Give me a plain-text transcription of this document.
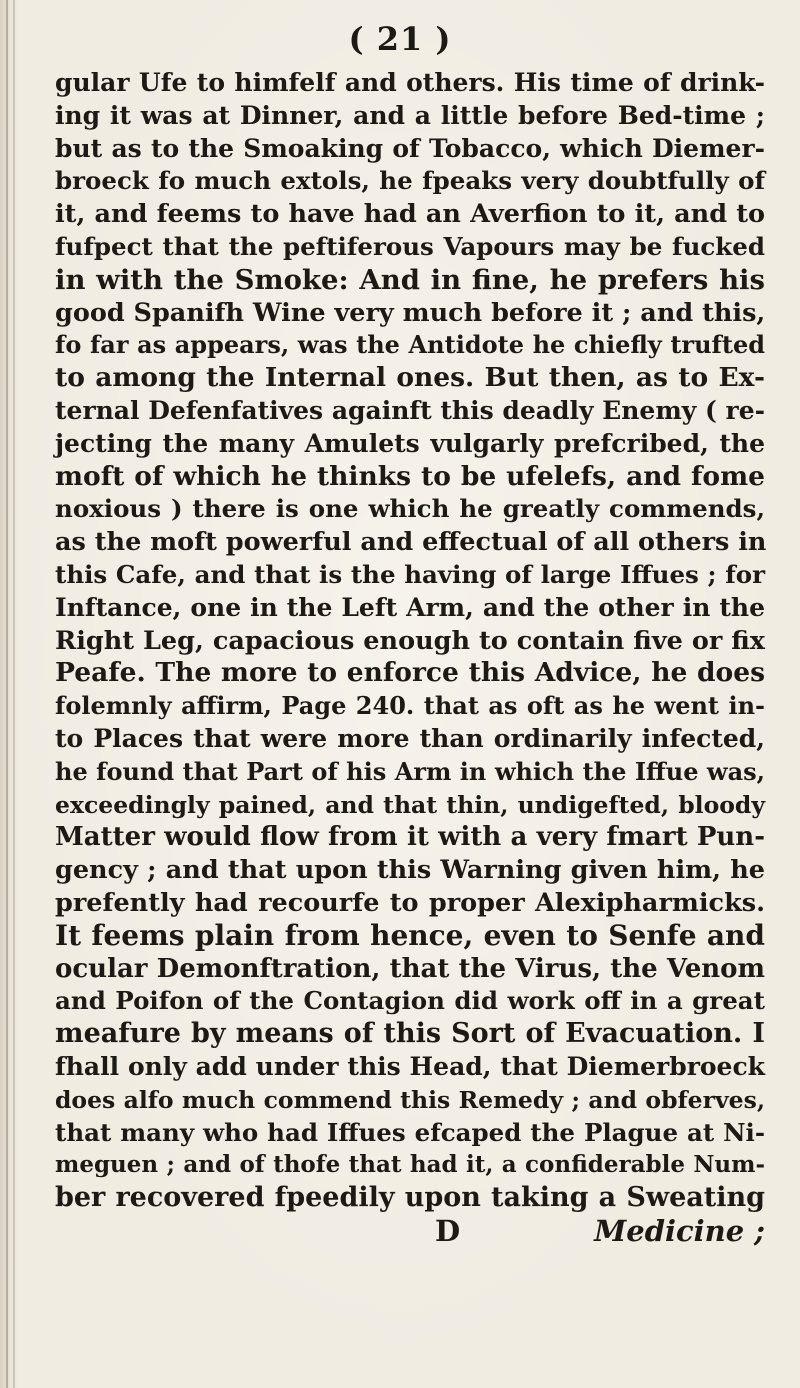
( 21 )
gular Ufe to himfelf and others. His time of drink-
ing it was at Dinner, and a little before Bed-time ;
but as to the Smoaking of Tobacco, which Diemer-
broeck fo much extols, he fpeaks very doubtfully of
it, and feems to have had an Averfion to it, and to
fufpect that the peftiferous Vapours may be fucked
in with the Smoke: And in fine, he prefers his
good Spanifh Wine very much before it ; and this,
fo far as appears, was the Antidote he chiefly trufted
to among the Internal ones. But then, as to Ex-
ternal Defenfatives againft this deadly Enemy ( re-
jecting the many Amulets vulgarly prefcribed, the
moft of which he thinks to be ufelefs, and fome
noxious ) there is one which he greatly commends,
as the moft powerful and effectual of all others in
this Cafe, and that is the having of large Iffues ; for
Inftance, one in the Left Arm, and the other in the
Right Leg, capacious enough to contain five or fix
Peafe. The more to enforce this Advice, he does
folemnly affirm, Page 240. that as oft as he went in-
to Places that were more than ordinarily infected,
he found that Part of his Arm in which the Iffue was,
exceedingly pained, and that thin, undigefted, bloody
Matter would flow from it with a very fmart Pun-
gency ; and that upon this Warning given him, he
prefently had recourfe to proper Alexipharmicks.
It feems plain from hence, even to Senfe and
ocular Demonftration, that the Virus, the Venom
and Poifon of the Contagion did work off in a great
meafure by means of this Sort of Evacuation. I
fhall only add under this Head, that Diemerbroeck
does alfo much commend this Remedy ; and obferves,
that many who had Iffues efcaped the Plague at Ni-
meguen ; and of thofe that had it, a confiderable Num-
ber recovered fpeedily upon taking a Sweating
D	Medicine ;
